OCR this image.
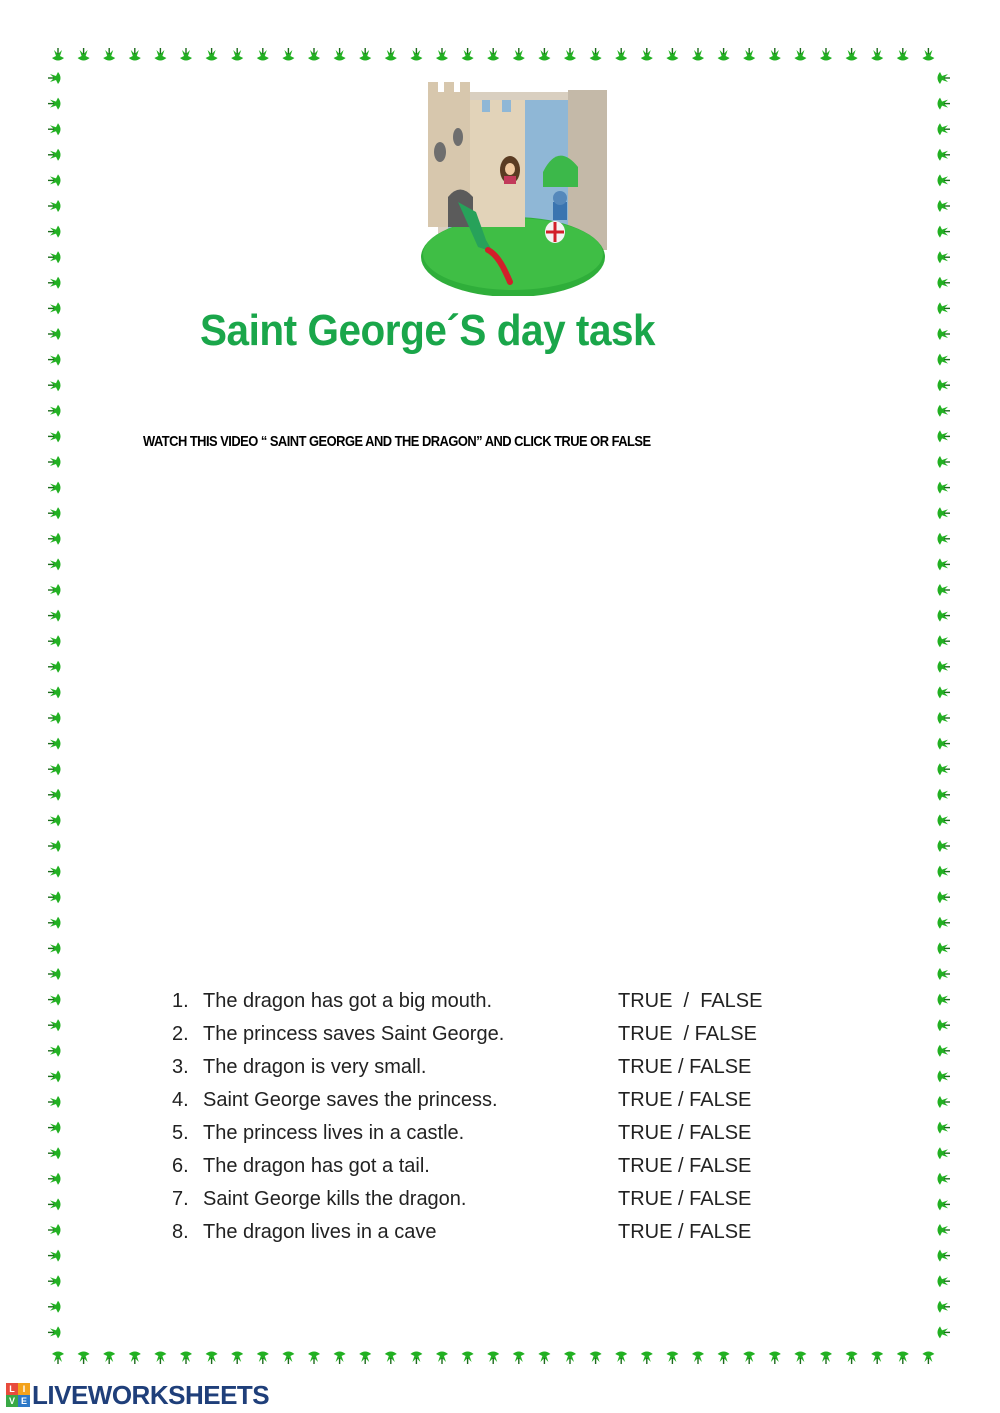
Saint George´S day task
WATCH THIS VIDEO “ SAINT GEORGE AND THE DRAGON” AND CLICK TRUE OR FALSE
1. The dragon has got a big mouth.	TRUE  /  FALSE
2. The princess saves Saint George.	TRUE  / FALSE
3. The dragon is very small.	TRUE / FALSE
4. Saint George saves the princess.	TRUE / FALSE
5. The princess lives in a castle.	TRUE / FALSE
6. The dragon has got a tail.	TRUE / FALSE
7. Saint George kills the dragon.	TRUE / FALSE
8. The dragon lives in a cave	TRUE / FALSE
L I
V E LIVEWORKSHEETS
